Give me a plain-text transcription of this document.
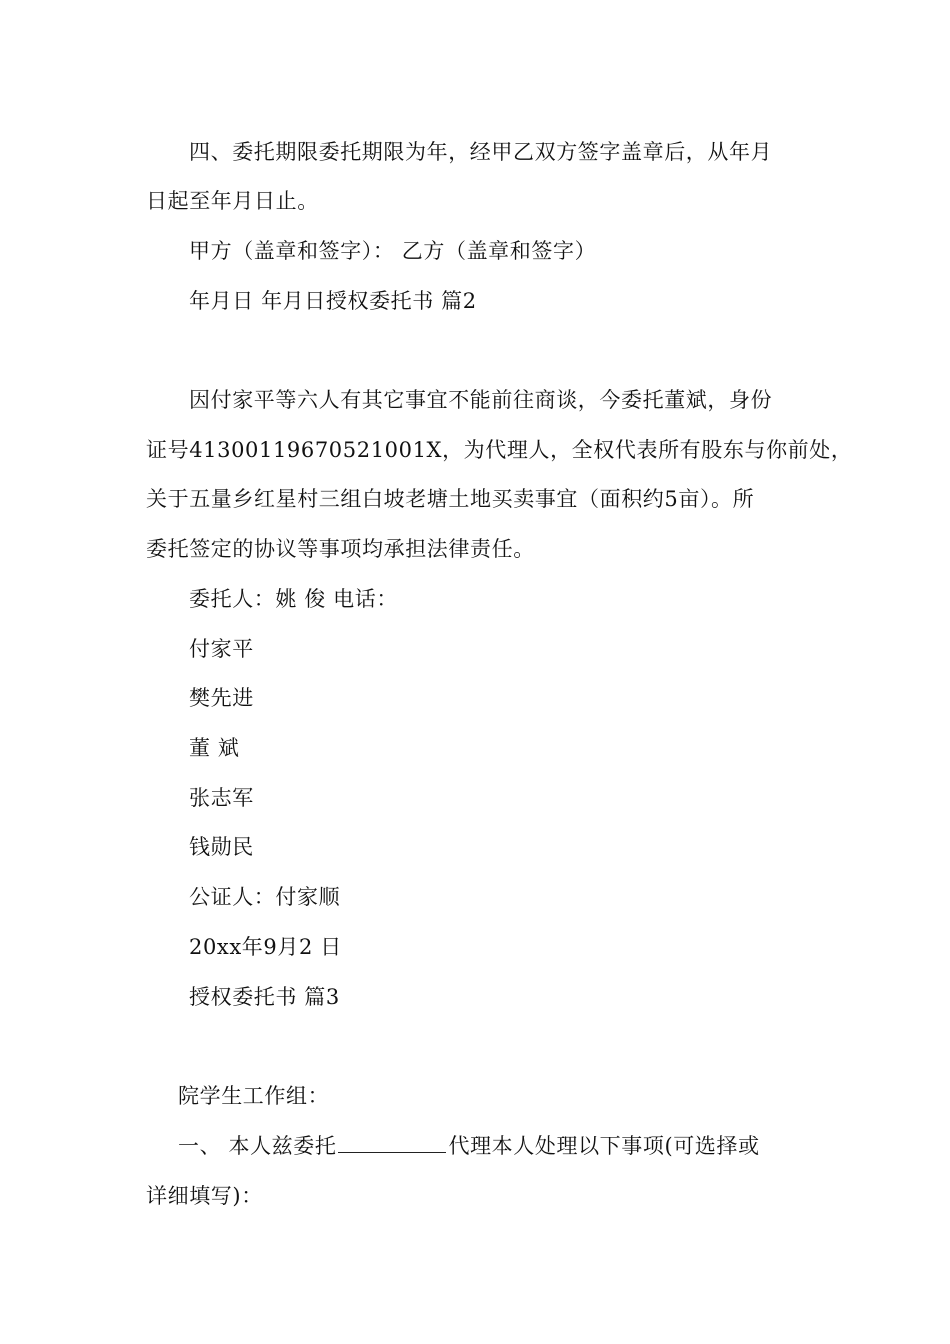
四、委托期限委托期限为年，经甲乙双方签字盖章后，从年月
日起至年月日止。
甲方（盖章和签字）： 乙方（盖章和签字）
年月日 年月日授权委托书 篇2
因付家平等六人有其它事宜不能前往商谈，今委托董斌，身份
证号41300119670521001X，为代理人，全权代表所有股东与你前处，
关于五量乡红星村三组白坡老塘土地买卖事宜（面积约5亩）。所
委托签定的协议等事项均承担法律责任。
委托人：姚 俊 电话：
付家平
樊先进
董 斌
张志军
钱勋民
公证人：付家顺
20xx年9月2 日
授权委托书 篇3
院学生工作组：
一、 本人兹委托	代理本人处理以下事项(可选择或
详细填写)：
